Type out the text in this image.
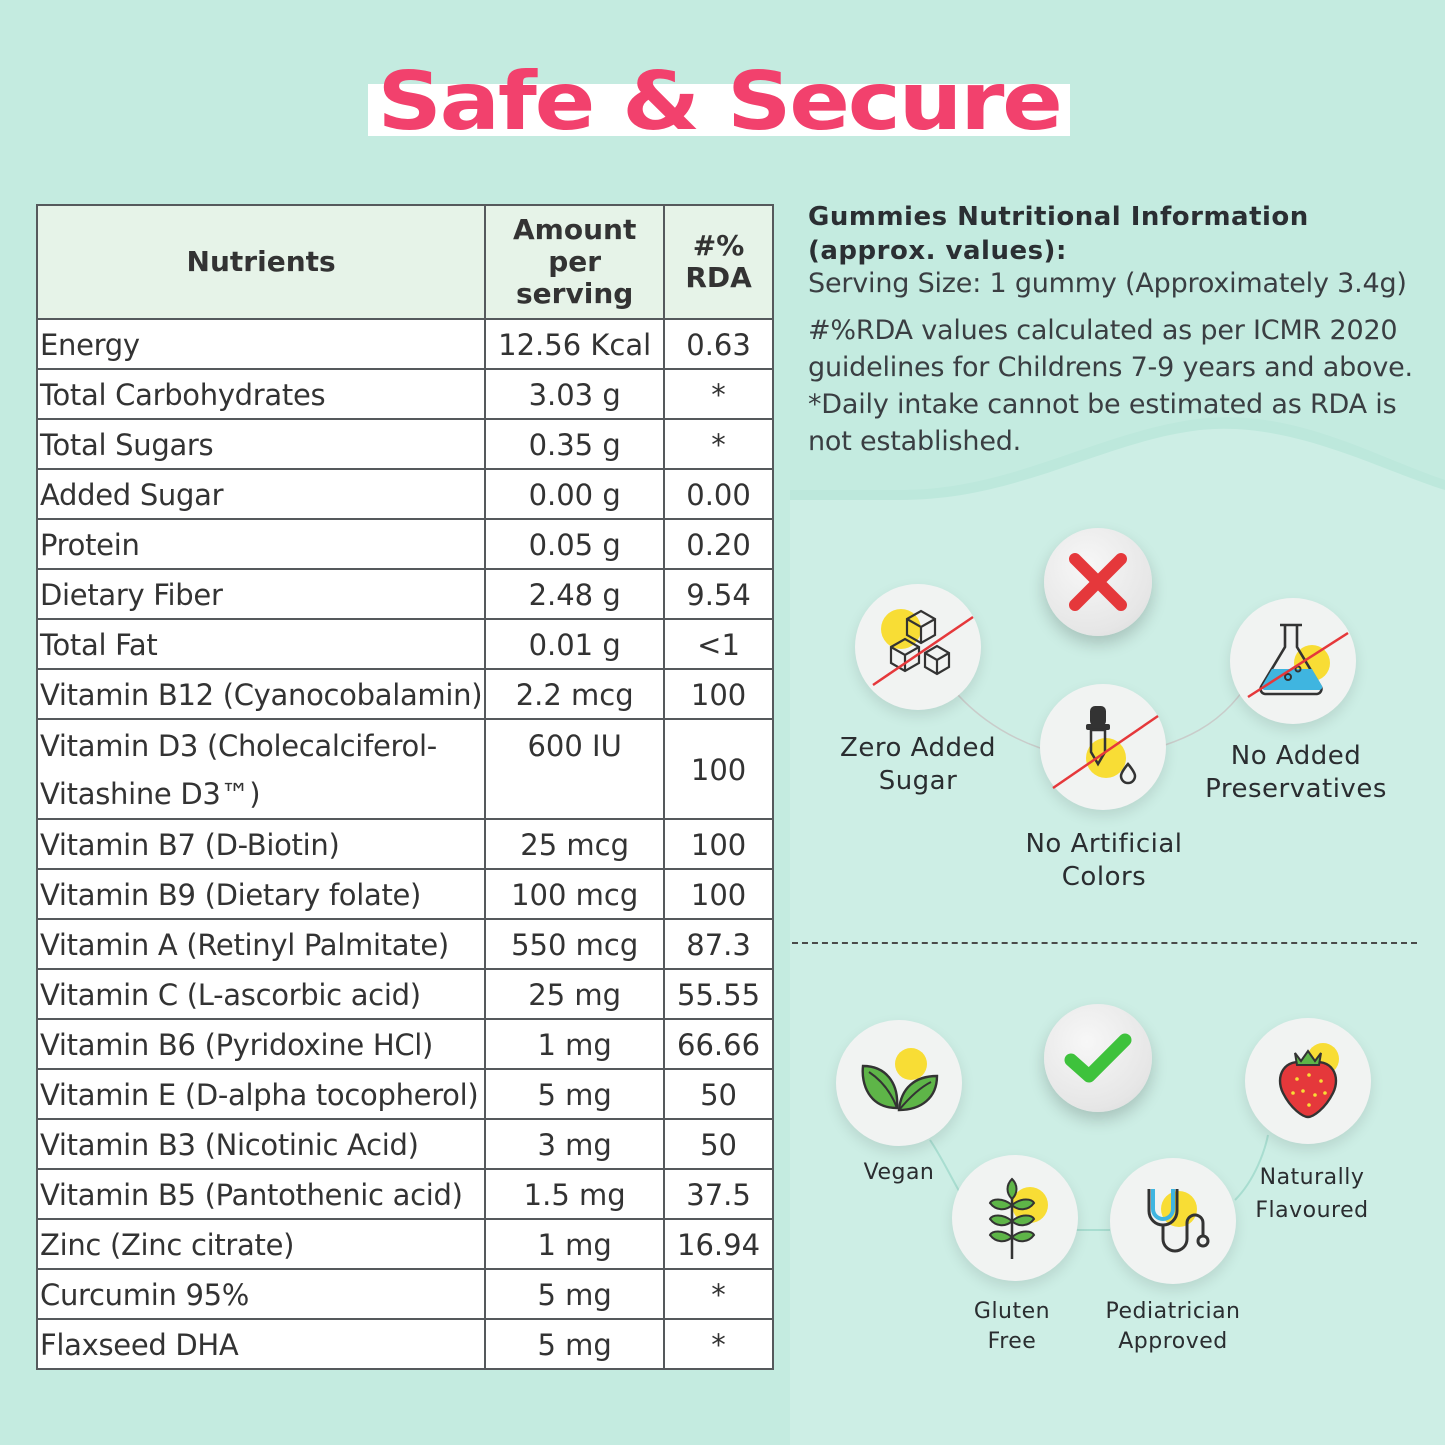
Safe & Secure
Nutrients	Amount per serving	#% RDA
Energy	12.56 Kcal	0.63
Total Carbohydrates	3.03 g	*
Total Sugars	0.35 g	*
Added Sugar	0.00 g	0.00
Protein	0.05 g	0.20
Dietary Fiber	2.48 g	9.54
Total Fat	0.01 g	<1
Vitamin B12 (Cyanocobalamin)	2.2 mcg	100
Vitamin D3 (Cholecalciferol- Vitashine D3™)	600 IU	100
Vitamin B7 (D-Biotin)	25 mcg	100
Vitamin B9 (Dietary folate)	100 mcg	100
Vitamin A (Retinyl Palmitate)	550 mcg	87.3
Vitamin C (L-ascorbic acid)	25 mg	55.55
Vitamin B6 (Pyridoxine HCl)	1 mg	66.66
Vitamin E (D-alpha tocopherol)	5 mg	50
Vitamin B3 (Nicotinic Acid)	3 mg	50
Vitamin B5 (Pantothenic acid)	1.5 mg	37.5
Zinc (Zinc citrate)	1 mg	16.94
Curcumin 95%	5 mg	*
Flaxseed DHA	5 mg	*
Gummies Nutritional Information
(approx. values):
Serving Size: 1 gummy (Approximately 3.4g)
#%RDA values calculated as per ICMR 2020 guidelines for Childrens 7-9 years and above. *Daily intake cannot be estimated as RDA is not established.
Zero Added
Sugar
No Artificial
Colors
No Added
Preservatives
Vegan
Gluten
Free
Pediatrician
Approved
Naturally
Flavoured
